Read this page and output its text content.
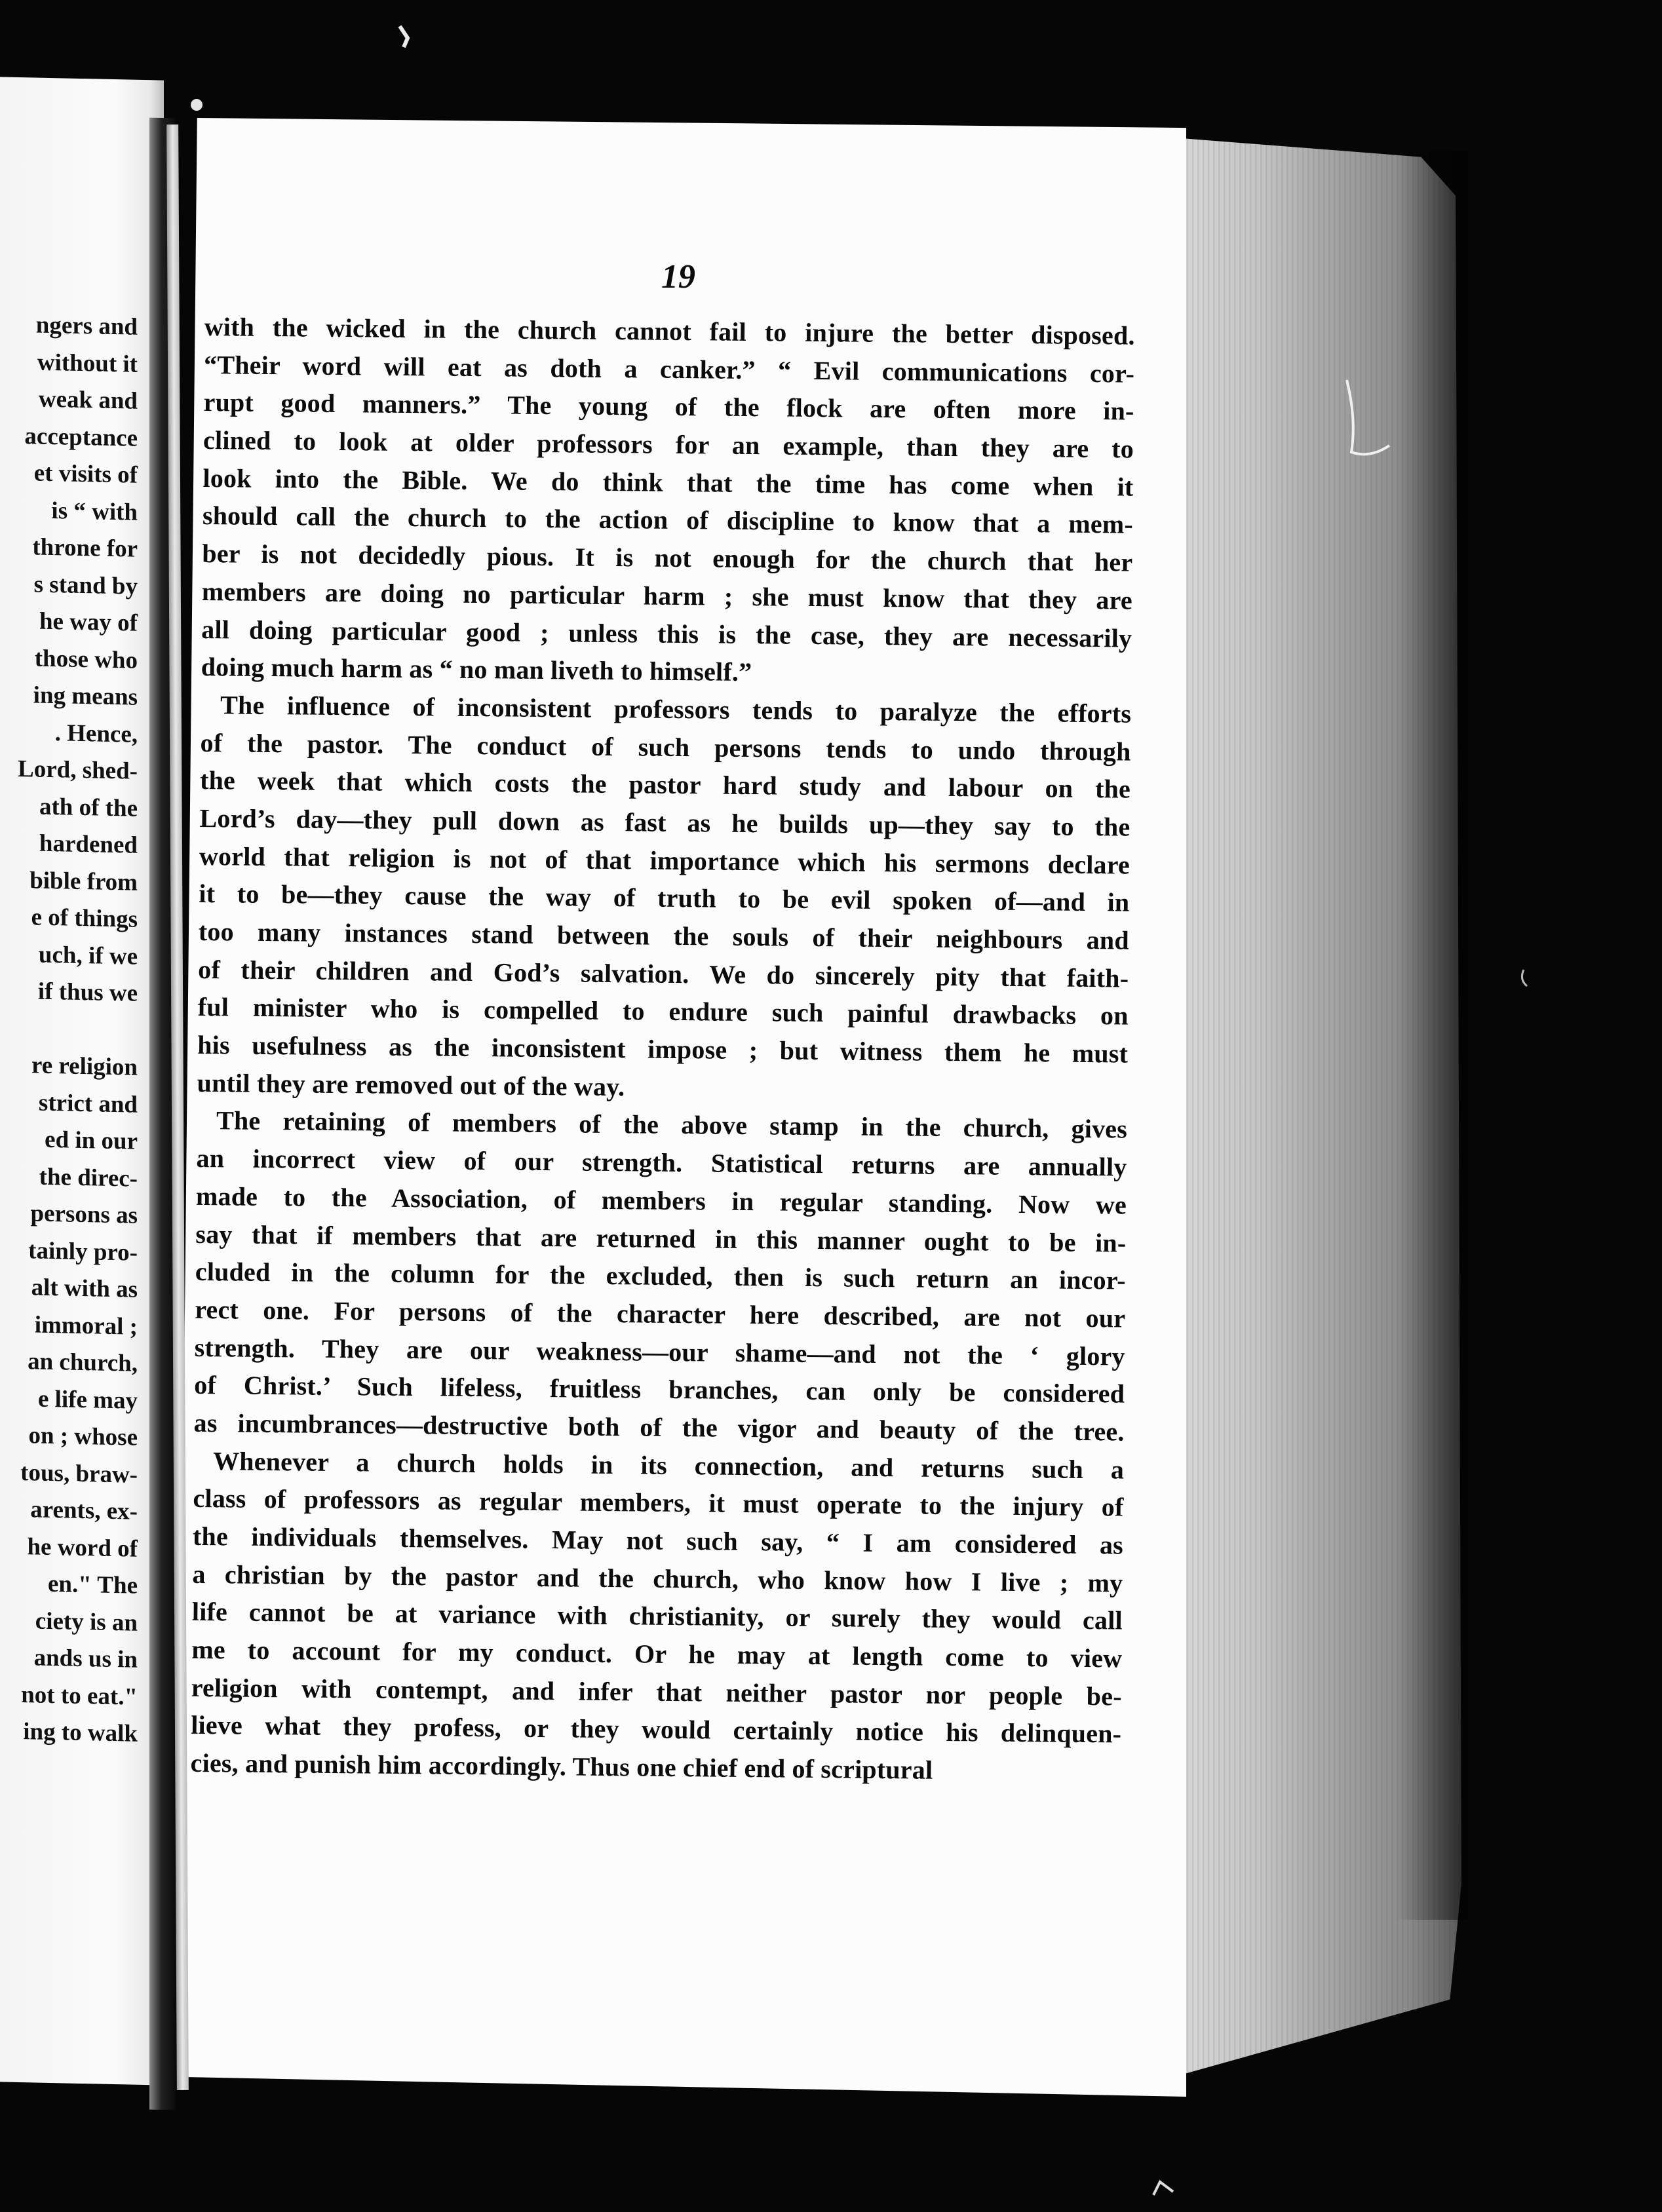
ngers and
without it
weak and
acceptance
et visits of
is “ with
throne for
s stand by
he way of
those who
ing means
. Hence,
Lord, shed-
ath of the
hardened
bible from
e of things
uch, if we
if thus we
re religion
strict and
ed in our
the direc-
persons as
tainly pro-
alt with as
immoral ;
an church,
e life may
on ; whose
tous, braw-
arents, ex-
he word of
en." The
ciety is an
ands us in
not to eat."
ing to walk
19
with the wicked in the church cannot fail to injure the better disposed.
“Their word will eat as doth a canker.” “ Evil communications cor-
rupt good manners.” The young of the flock are often more in-
clined to look at older professors for an example, than they are to
look into the Bible. We do think that the time has come when it
should call the church to the action of discipline to know that a mem-
ber is not decidedly pious. It is not enough for the church that her
members are doing no particular harm ; she must know that they are
all doing particular good ; unless this is the case, they are necessarily
doing much harm as “ no man liveth to himself.”
The influence of inconsistent professors tends to paralyze the efforts
of the pastor. The conduct of such persons tends to undo through
the week that which costs the pastor hard study and labour on the
Lord’s day—they pull down as fast as he builds up—they say to the
world that religion is not of that importance which his sermons declare
it to be—they cause the way of truth to be evil spoken of—and in
too many instances stand between the souls of their neighbours and
of their children and God’s salvation. We do sincerely pity that faith-
ful minister who is compelled to endure such painful drawbacks on
his usefulness as the inconsistent impose ; but witness them he must
until they are removed out of the way.
The retaining of members of the above stamp in the church, gives
an incorrect view of our strength. Statistical returns are annually
made to the Association, of members in regular standing. Now we
say that if members that are returned in this manner ought to be in-
cluded in the column for the excluded, then is such return an incor-
rect one. For persons of the character here described, are not our
strength. They are our weakness—our shame—and not the ‘ glory
of Christ.’ Such lifeless, fruitless branches, can only be considered
as incumbrances—destructive both of the vigor and beauty of the tree.
Whenever a church holds in its connection, and returns such a
class of professors as regular members, it must operate to the injury of
the individuals themselves. May not such say, “ I am considered as
a christian by the pastor and the church, who know how I live ; my
life cannot be at variance with christianity, or surely they would call
me to account for my conduct. Or he may at length come to view
religion with contempt, and infer that neither pastor nor people be-
lieve what they profess, or they would certainly notice his delinquen-
cies, and punish him accordingly. Thus one chief end of scriptural
